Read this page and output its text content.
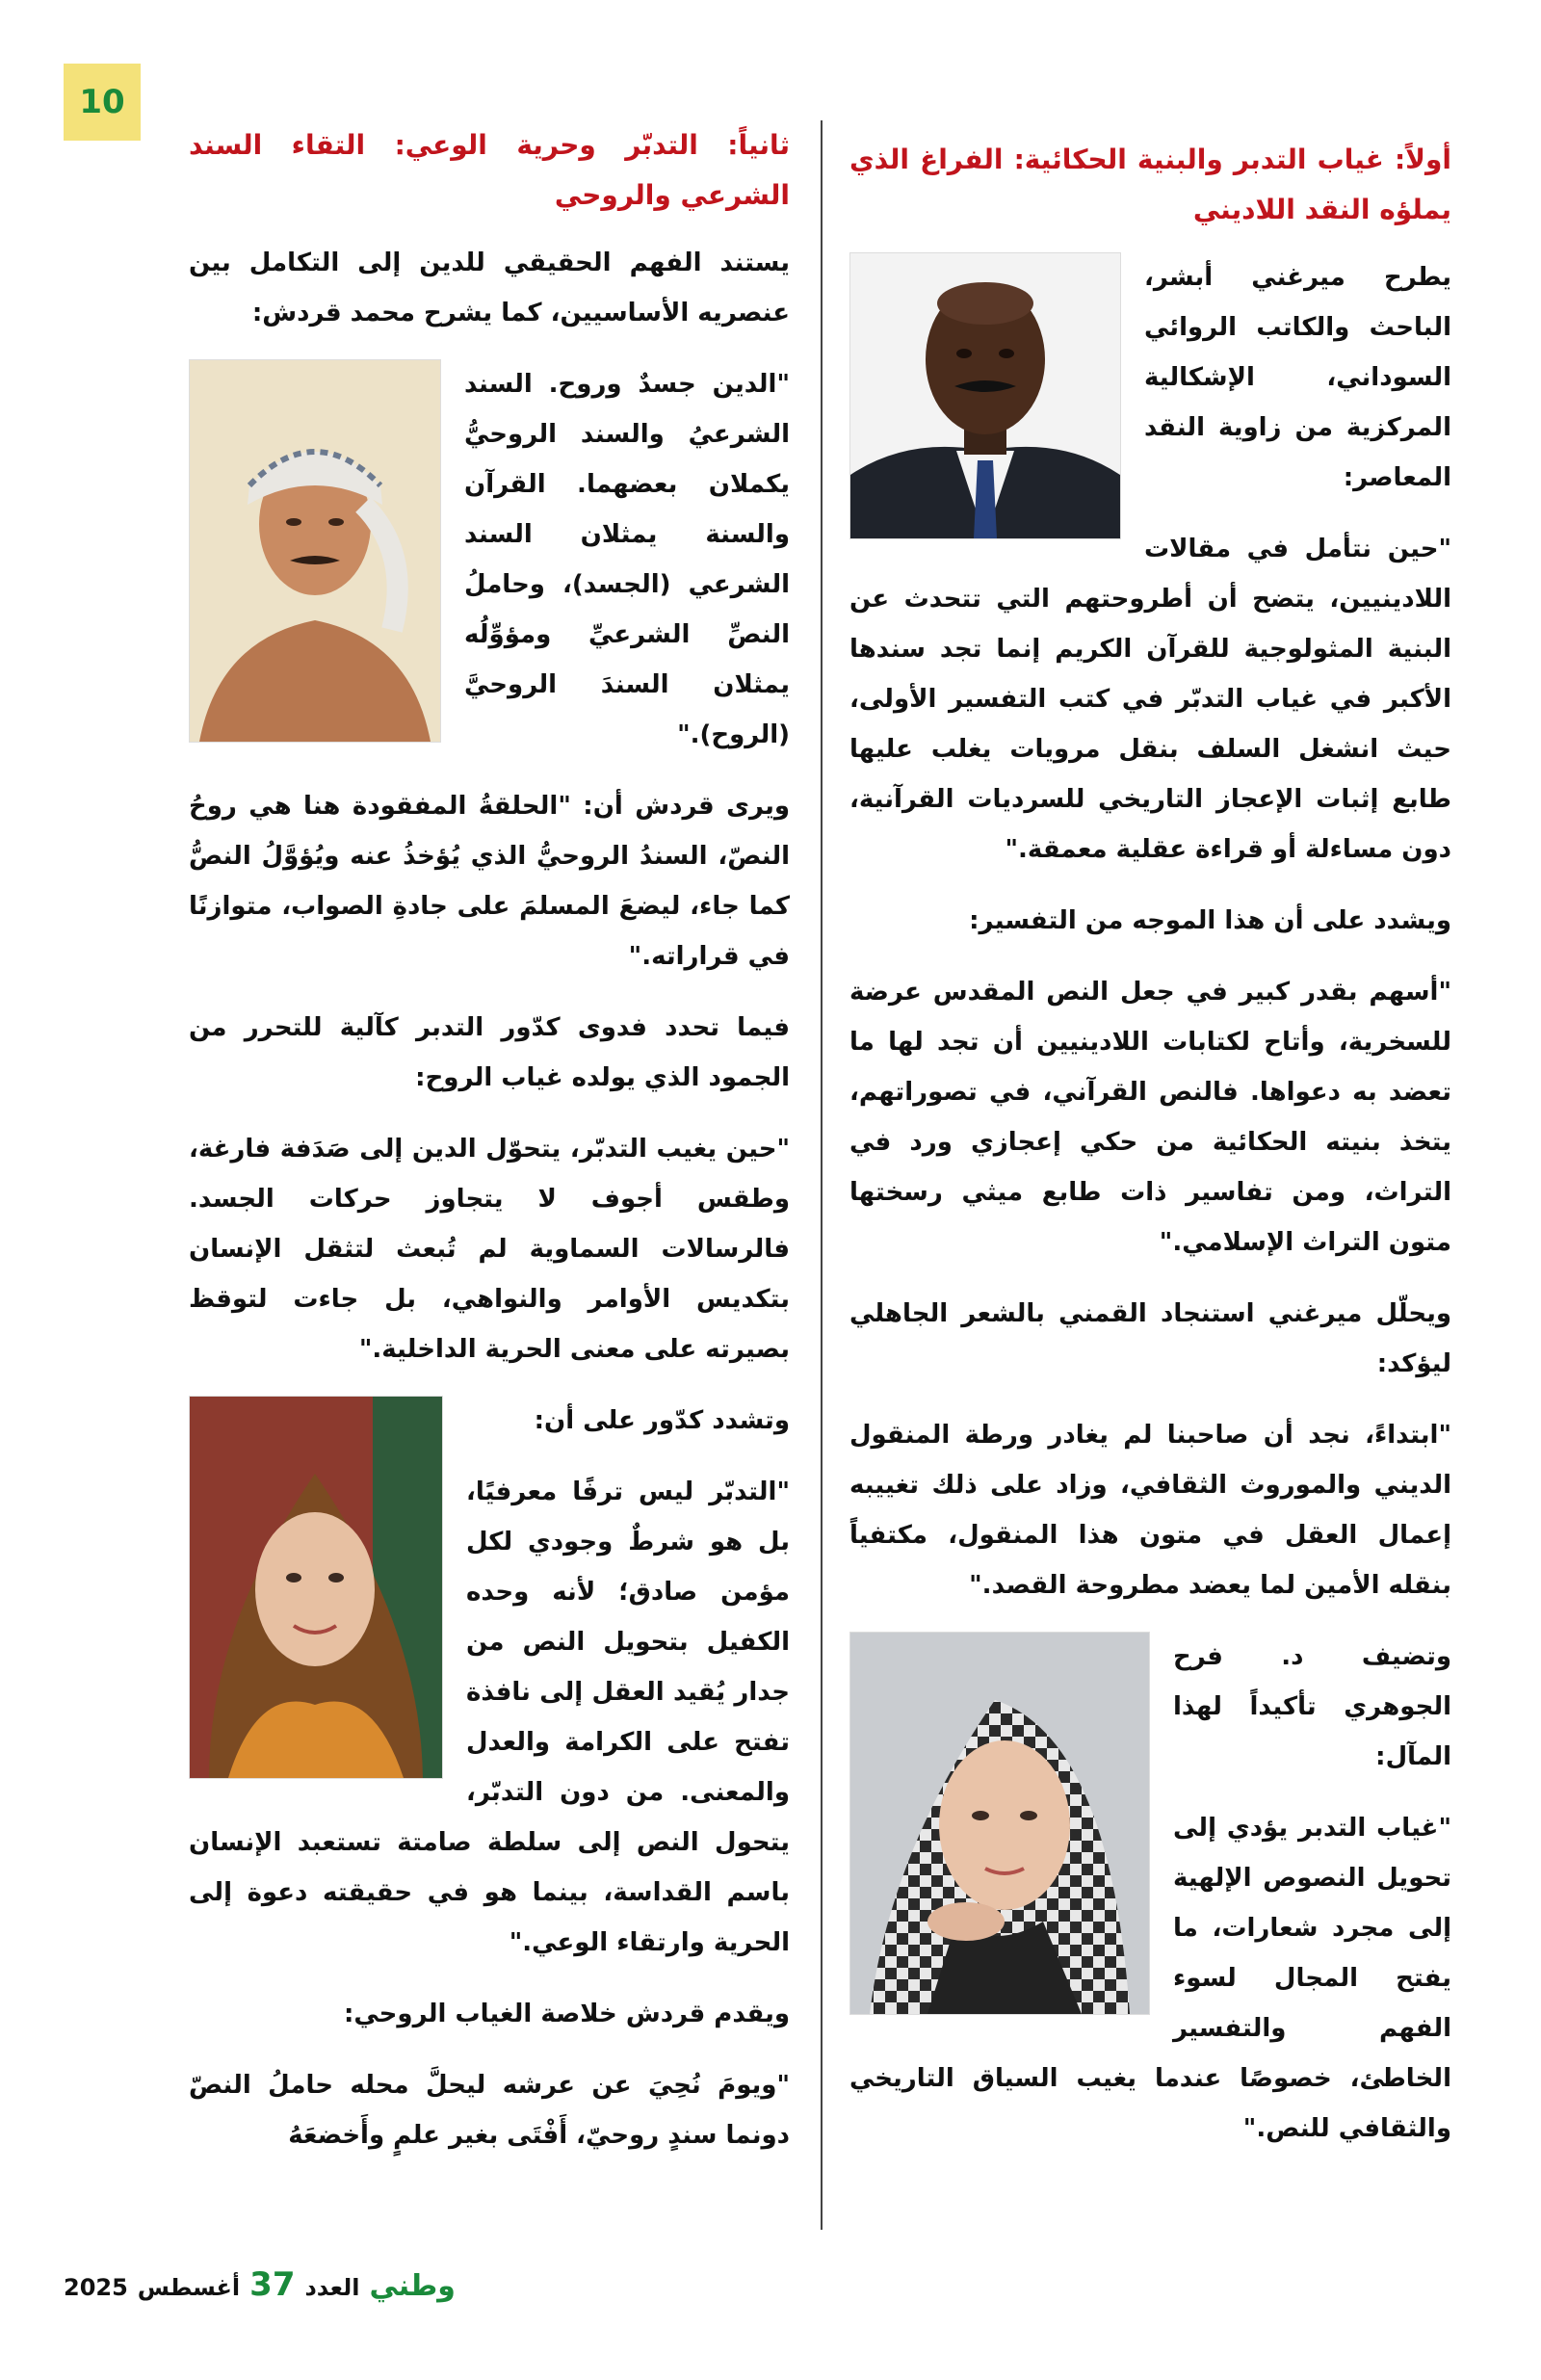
10
أولاً: غياب التدبر والبنية الحكائية: الفراغ الذي يملؤه النقد اللاديني

يطرح ميرغني أبشر، الباحث والكاتب الروائي السوداني، الإشكالية المركزية من زاوية النقد المعاصر:

"حين نتأمل في مقالات اللادينيين، يتضح أن أطروحتهم التي تتحدث عن البنية المثولوجية للقرآن الكريم إنما تجد سندها الأكبر في غياب التدبّر في كتب التفسير الأولى، حيث انشغل السلف بنقل مرويات يغلب عليها طابع إثبات الإعجاز التاريخي للسرديات القرآنية، دون مساءلة أو قراءة عقلية معمقة."

ويشدد على أن هذا الموجه من التفسير:

"أسهم بقدر كبير في جعل النص المقدس عرضة للسخرية، وأتاح لكتابات اللادينيين أن تجد لها ما تعضد به دعواها. فالنص القرآني، في تصوراتهم، يتخذ بنيته الحكائية من حكي إعجازي ورد في التراث، ومن تفاسير ذات طابع ميثي رسختها متون التراث الإسلامي."

ويحلّل ميرغني استنجاد القمني بالشعر الجاهلي ليؤكد:

"ابتداءً، نجد أن صاحبنا لم يغادر ورطة المنقول الديني والموروث الثقافي، وزاد على ذلك تغييبه إعمال العقل في متون هذا المنقول، مكتفياً بنقله الأمين لما يعضد مطروحة القصد."

وتضيف د. فرح الجوهري تأكيداً لهذا المآل:

"غياب التدبر يؤدي إلى تحويل النصوص الإلهية إلى مجرد شعارات، ما يفتح المجال لسوء الفهم والتفسير الخاطئ، خصوصًا عندما يغيب السياق التاريخي والثقافي للنص."

ثانياً: التدبّر وحرية الوعي: التقاء السند الشرعي والروحي

يستند الفهم الحقيقي للدين إلى التكامل بين عنصريه الأساسيين، كما يشرح محمد قردش:

"الدين جسدٌ وروح. السند الشرعيُ والسند الروحيُّ يكملان بعضهما. القرآن والسنة يمثلان السند الشرعي (الجسد)، وحاملُ النصِّ الشرعيِّ ومؤوِّلُه يمثلان السندَ الروحيَّ (الروح)."

ويرى قردش أن: "الحلقةُ المفقودة هنا هي روحُ النصّ، السندُ الروحيُّ الذي يُؤخذُ عنه ويُؤوَّلُ النصُّ كما جاء، ليضعَ المسلمَ على جادةِ الصواب، متوازنًا في قراراته."

فيما تحدد فدوى كدّور التدبر كآلية للتحرر من الجمود الذي يولده غياب الروح:

"حين يغيب التدبّر، يتحوّل الدين إلى صَدَفة فارغة، وطقس أجوف لا يتجاوز حركات الجسد. فالرسالات السماوية لم تُبعث لتثقل الإنسان بتكديس الأوامر والنواهي، بل جاءت لتوقظ بصيرته على معنى الحرية الداخلية."

وتشدد كدّور على أن:

"التدبّر ليس ترفًا معرفيًا، بل هو شرطٌ وجودي لكل مؤمن صادق؛ لأنه وحده الكفيل بتحويل النص من جدار يُقيد العقل إلى نافذة تفتح على الكرامة والعدل والمعنى. من دون التدبّر، يتحول النص إلى سلطة صامتة تستعبد الإنسان باسم القداسة، بينما هو في حقيقته دعوة إلى الحرية وارتقاء الوعي."

ويقدم قردش خلاصة الغياب الروحي:

"ويومَ نُحِيَ عن عرشه ليحلَّ محله حاملُ النصّ دونما سندٍ روحيّ، أَفْتَى بغير علمٍ وأَخضعَهُ

وطني
العدد
37
أغسطس
2025
